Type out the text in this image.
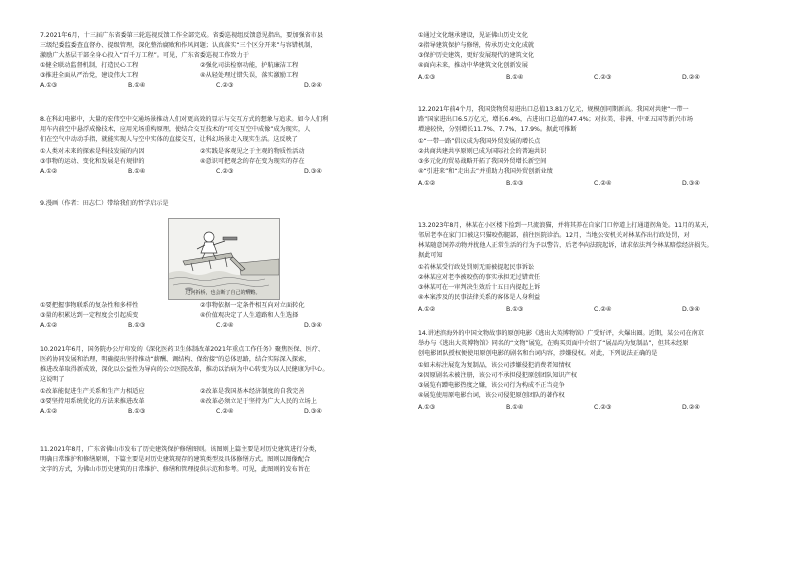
7.2021年6月，十三届广东省委第三轮巡视反馈工作全部完成。省委巡视组反馈意见指出，要加强省市县
三级纪委监委查直督办、提级管理，深化整治腐败和作风问题；认真落实“三个区分开来”与容错机制，
激励广大基层干部全身心投入“百千万工程”。可见，广东省委巡视工作致力于
①健全联动监督机制，打造民心工程	②强化司法检察功能，护航廉洁工程
③推进全面从严治党，建设伟大工程	④从轻处理过错失误，落实激励工程
A.①③	B.①④	C.②③	D.②④
8.在科幻电影中，大量的宏伟空中交通场景推动人们对更高效的显示与交互方式的想象与追求。如今人们利
用车内前空中悬浮成像技术，应用光场重构原理，使结合交互技术的“可交互空中成像”成为现实，人
们在空气中动动手指，就能实现人与空中实体的直接交互，让科幻场景走入现实生活。这反映了
①人类对未来的探索是科技发展的内因	②实践是客观见之于主观的物质性活动
③事物的运动、变化和发展是有规律的	④意识可把观念的存在变为现实的存在
A.①②	B.①④	C.②③	D.③④
9.漫画（作者：田志仁）带给我们的哲学启示是
过河拆桥，也会断了自己的后路。
①要把握事物联系的复杂性和多样性	②事物依据一定条件相互向对立面转化
③量的积累达到一定程度会引起质变	④价值观决定了人生道路和人生选择
A.①②	B.①③	C.②④	D.③④
10.2021年6月，国务院办公厅印发的《深化医药卫生体制改革2021年重点工作任务》聚焦医保、医疗、
医药协同发展和治理，明确提出坚持推动“薪酬、调结构、保衔接”的总体思路，结合实际深入探索，
推进改革取得新成效，深化以公益性为导向的公立医院改革，推动以治病为中心转变为以人民健康为中心。
这说明了
①改革能促进生产关系和生产力相适应	②改革是我国基本经济制度的自我完善
③要坚持用系统优化的方法来推进改革	④改革必须立足于坚持为广大人民的立场上
A.①②	B.①③	C.②④	D.③④
11.2021年8月，广东省佛山市发布了历史建筑保护修缮图则。该图则上篇主要是对历史建筑进行分类，
明确日常维护和修缮原则，下篇主要是对历史建筑现存的建筑类型及具体修缮方式。图则以图像配合
文字的方式，为佛山市历史建筑的日常维护、修缮和管理提供示范和参考。可见，此图则的发布旨在
①通过文化继承建设，见证佛山历史文化
②指导建筑保护与修缮，传承历史文化成就
③保护历史建筑，更好发展现代的建筑文化
④面向未来，推动中华建筑文化创新发展
A.①③	B.①④	C.②③	D.②④
12.2021年前4个月，我国货物贸易进出口总值13.81万亿元，规模创同期新高。我国对共建“一带一
路”国家进出口6.5万亿元，增长6.4%，占进出口总值的47.4%；对拉美、非洲、中亚五国等新兴市场
增速较快，分别增长11.7%、7.7%、17.9%。据此可推断
①“一带一路”倡议成为我国外贸发展的增长点
②共商共建共享原则已成为国际社会的普遍共识
③多元化的贸易战略开拓了我国外贸增长新空间
④“引进来”和“走出去”并重助力我国外贸创新业绩
A.①②	B.①③	C.②④	D.③④
13.2023年8月，林某在小区楼下捡到一只流浪猫，并将其养在自家门口停道上打通道拐角处。11月的某天，
邻居老李在家门口被这只猫咬伤腿部，前往医院诊治。12月，当地公安机关对林某作出行政处罚，对
林某随意饲养动物并扰他人正常生活的行为予以警告，后老李向法院起诉，请求依法判令林某赔偿经济损失。
据此可知
①若林某受行政处罚则无需被提起民事诉讼
②林某应对老李被咬伤的事实承担无过错责任
③林某可在一审判决生效后十五日内提起上诉
④本案涉及的民事法律关系的客体是人身利益
A.①②	B.①③	C.②④	D.③④
14.讲述滨海外的中国文物故事的原创电影《逃出大英博物馆》广受好评，火爆出圈。近期，某公司在南京
举办与《逃出大英博物馆》同名的“文物”展览，在购买页面中介绍了“展品均为复制品”，但其未经原
创电影团队授权便使用原创电影的剧名和台词内容，涉嫌侵权。对此，下列说法正确的是
①如未标注展览为复制品，该公司涉嫌侵犯消费者知情权
②因原剧名未被注册，该公司不承担侵犯原创团队知识产权
③展览有蹭电影热度之嫌，该公司行为构成不正当竞争
④展览使用原电影台词，该公司侵犯原创团队的著作权
A.①③	B.①④	C.②③	D.②④
